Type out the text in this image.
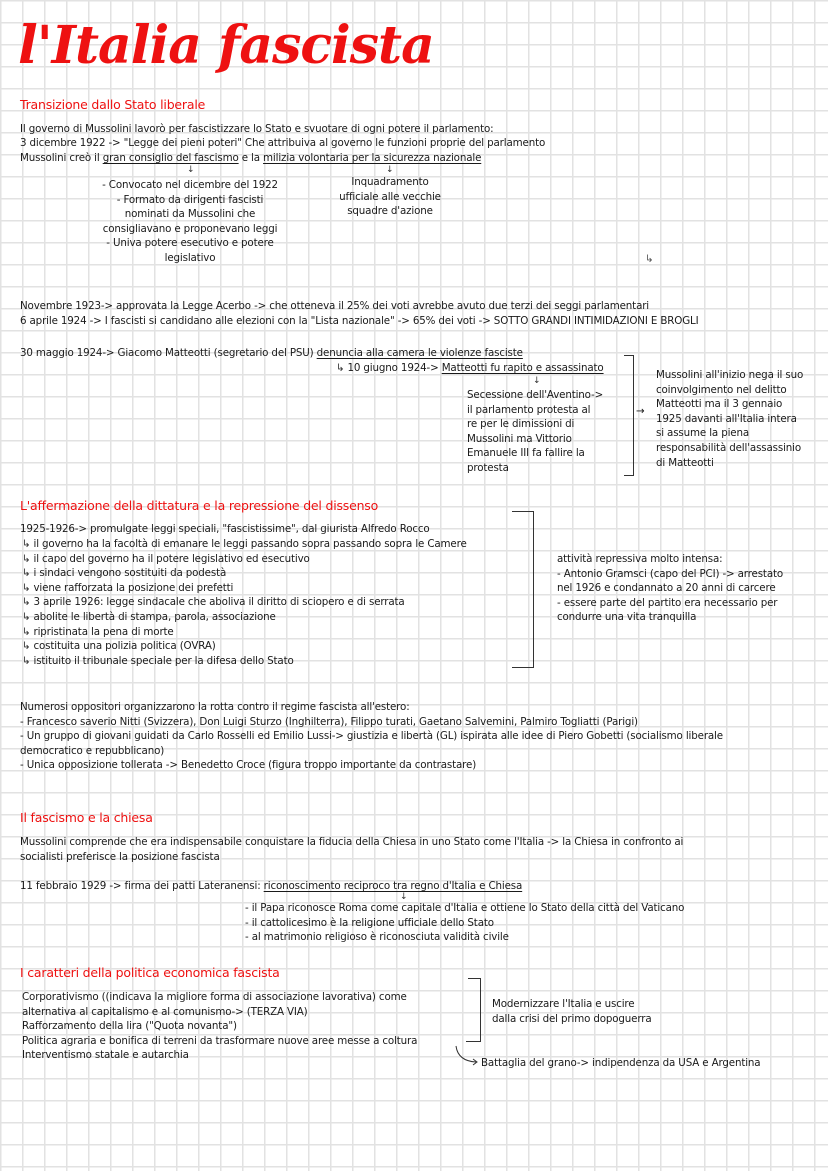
l'Italia fascista
Transizione dallo Stato liberale
Il governo di Mussolini lavorò per fascistizzare lo Stato e svuotare di ogni potere il parlamento:
3 dicembre 1922 -> "Legge dei pieni poteri" Che attribuiva al governo le funzioni proprie del parlamento
Mussolini creò il gran consiglio del fascismo e la milizia volontaria per la sicurezza nazionale
↓	↓
- Convocato nel dicembre del 1922
- Formato da dirigenti fascisti
nominati da Mussolini che
consigliavano e proponevano leggi
- Univa potere esecutivo e potere
legislativo
Inquadramento
ufficiale alle vecchie
squadre d'azione
↳
Novembre 1923-> approvata la Legge Acerbo -> che otteneva il 25% dei voti avrebbe avuto due terzi dei seggi parlamentari
6 aprile 1924 -> I fascisti si candidano alle elezioni con la "Lista nazionale" -> 65% dei voti -> SOTTO GRANDI INTIMIDAZIONI E BROGLI
30 maggio 1924-> Giacomo Matteotti (segretario del PSU) denuncia alla camera le violenze fasciste
↳ 10 giugno 1924-> Matteotti fu rapito e assassinato
↓
Secessione dell'Aventino->
il parlamento protesta al
re per le dimissioni di
Mussolini ma Vittorio
Emanuele III fa fallire la
protesta
→
Mussolini all'inizio nega il suo
coinvolgimento nel delitto
Matteotti ma il 3 gennaio
1925 davanti all'Italia intera
si assume la piena
responsabilità dell'assassinio
di Matteotti
L'affermazione della dittatura e la repressione del dissenso
1925-1926-> promulgate leggi speciali, "fascistissime", dal giurista Alfredo Rocco
↳ il governo ha la facoltà di emanare le leggi passando sopra passando sopra le Camere
↳ il capo del governo ha il potere legislativo ed esecutivo
↳ i sindaci vengono sostituiti da podestà
↳ viene rafforzata la posizione dei prefetti
↳ 3 aprile 1926: legge sindacale che aboliva il diritto di sciopero e di serrata
↳ abolite le libertà di stampa, parola, associazione
↳ ripristinata la pena di morte
↳ costituita una polizia politica (OVRA)
↳ istituito il tribunale speciale per la difesa dello Stato
attività repressiva molto intensa:
- Antonio Gramsci (capo del PCI) -> arrestato
nel 1926 e condannato a 20 anni di carcere
- essere parte del partito era necessario per
condurre una vita tranquilla
Numerosi oppositori organizzarono la rotta contro il regime fascista all'estero:
- Francesco saverio Nitti (Svizzera), Don Luigi Sturzo (Inghilterra), Filippo turati, Gaetano Salvemini, Palmiro Togliatti (Parigi)
- Un gruppo di giovani guidati da Carlo Rosselli ed Emilio Lussi-> giustizia e libertà (GL) ispirata alle idee di Piero Gobetti (socialismo liberale
democratico e repubblicano)
- Unica opposizione tollerata -> Benedetto Croce (figura troppo importante da contrastare)
Il fascismo e la chiesa
Mussolini comprende che era indispensabile conquistare la fiducia della Chiesa in uno Stato come l'Italia -> la Chiesa in confronto ai
socialisti preferisce la posizione fascista
11 febbraio 1929 -> firma dei patti Lateranensi: riconoscimento reciproco tra regno d'Italia e Chiesa
↓
- il Papa riconosce Roma come capitale d'Italia e ottiene lo Stato della città del Vaticano
- il cattolicesimo è la religione ufficiale dello Stato
- al matrimonio religioso è riconosciuta validità civile
I caratteri della politica economica fascista
Corporativismo ((indicava la migliore forma di associazione lavorativa) come
alternativa al capitalismo e al comunismo-> (TERZA VIA)
Rafforzamento della lira ("Quota novanta")
Politica agraria e bonifica di terreni da trasformare nuove aree messe a coltura
Interventismo statale e autarchia
Modernizzare l'Italia e uscire
dalla crisi del primo dopoguerra
Battaglia del grano-> indipendenza da USA e Argentina
